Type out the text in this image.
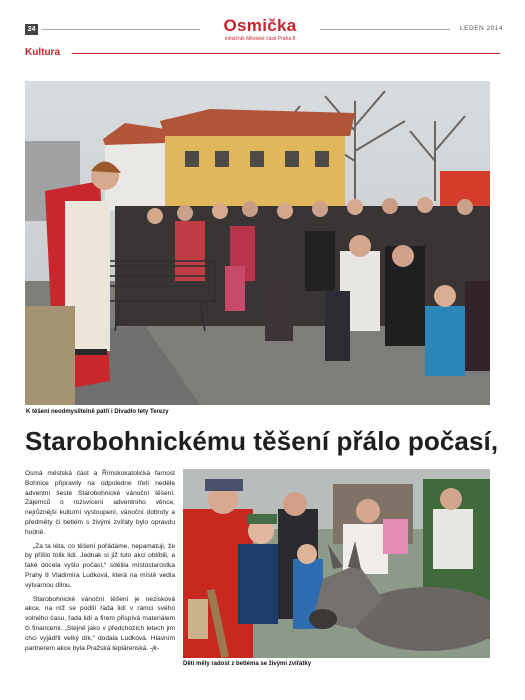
24	Osmička
měsíčník Městské části Praha 8
LEDEN 2014
Kultura
K těšení neodmyslitelně patří i Divadlo tety Terezy
Starobohnickému těšení přálo počasí,

Osmá městská část a Římskokatolická farnost Bohnice připravily na odpoledne třetí neděle adventní šesté Starobohnické vánoční těšení. Zájemců o rozsvícení adventního věnce, nejrůznější kulturní vystoupení, vánoční dobroty a předměty či betlém s živými zvířaty bylo opravdu hodně.

„Za ta léta, co těšení pořádáme, nepamatuji, že by přišlo tolik lidí. Jednak si již tuto akci oblíbili, a také docela vyšlo počasí,“ sdělila místostarostka Prahy 8 Vladimíra Ludková, která na místě vedla výtvarnou dílnu.

Starobohnické vánoční těšení je nezisková akce, na níž se podílí řada lidí v rámci svého volného času, řada lidí a firem přispívá materiálem či financemi. „Stejně jako v předchozích letech jim chci vyjádřit velký dík,“ dodala Ludková. Hlavním partnerem akce byla Pražská teplárenská. -jk-

Děti měly radost z betléma se živými zvířátky
